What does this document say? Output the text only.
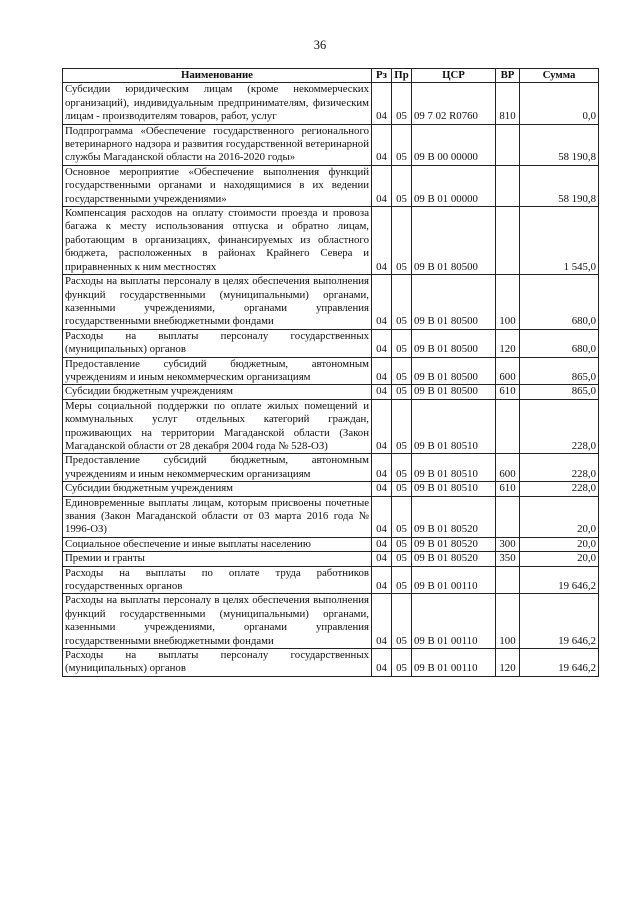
36
Наименование	Рз	Пр	ЦСР	ВР	Сумма
Субсидии юридическим лицам (кроме некоммерческих организаций), индивидуальным предпринимателям, физическим лицам - производителям товаров, работ, услуг	04	05	09 7 02 R0760	810	0,0
Подпрограмма «Обеспечение государственного регионального ветеринарного надзора и развития государственной ветеринарной службы Магаданской области на 2016-2020 годы»	04	05	09 В 00 00000		58 190,8
Основное мероприятие «Обеспечение выполнения функций государственными органами и находящимися в их ведении государственными учреждениями»	04	05	09 В 01 00000		58 190,8
Компенсация расходов на оплату стоимости проезда и провоза багажа к месту использования отпуска и обратно лицам, работающим в организациях, финансируемых из областного бюджета, расположенных в районах Крайнего Севера и приравненных к ним местностях	04	05	09 В 01 80500		1 545,0
Расходы на выплаты персоналу в целях обеспечения выполнения функций государственными (муниципальными) органами, казенными учреждениями, органами управления государственными внебюджетными фондами	04	05	09 В 01 80500	100	680,0
Расходы на выплаты персоналу государственных (муниципальных) органов	04	05	09 В 01 80500	120	680,0
Предоставление субсидий бюджетным, автономным учреждениям и иным некоммерческим организациям	04	05	09 В 01 80500	600	865,0
Субсидии бюджетным учреждениям	04	05	09 В 01 80500	610	865,0
Меры социальной поддержки по оплате жилых помещений и коммунальных услуг отдельных категорий граждан, проживающих на территории Магаданской области (Закон Магаданской области от 28 декабря 2004 года № 528-ОЗ)	04	05	09 В 01 80510		228,0
Предоставление субсидий бюджетным, автономным учреждениям и иным некоммерческим организациям	04	05	09 В 01 80510	600	228,0
Субсидии бюджетным учреждениям	04	05	09 В 01 80510	610	228,0
Единовременные выплаты лицам, которым присвоены почетные звания (Закон Магаданской области от 03 марта 2016 года № 1996-ОЗ)	04	05	09 В 01 80520		20,0
Социальное обеспечение и иные выплаты населению	04	05	09 В 01 80520	300	20,0
Премии и гранты	04	05	09 В 01 80520	350	20,0
Расходы на выплаты по оплате труда работников государственных органов	04	05	09 В 01 00110		19 646,2
Расходы на выплаты персоналу в целях обеспечения выполнения функций государственными (муниципальными) органами, казенными учреждениями, органами управления государственными внебюджетными фондами	04	05	09 В 01 00110	100	19 646,2
Расходы на выплаты персоналу государственных (муниципальных) органов	04	05	09 В 01 00110	120	19 646,2
